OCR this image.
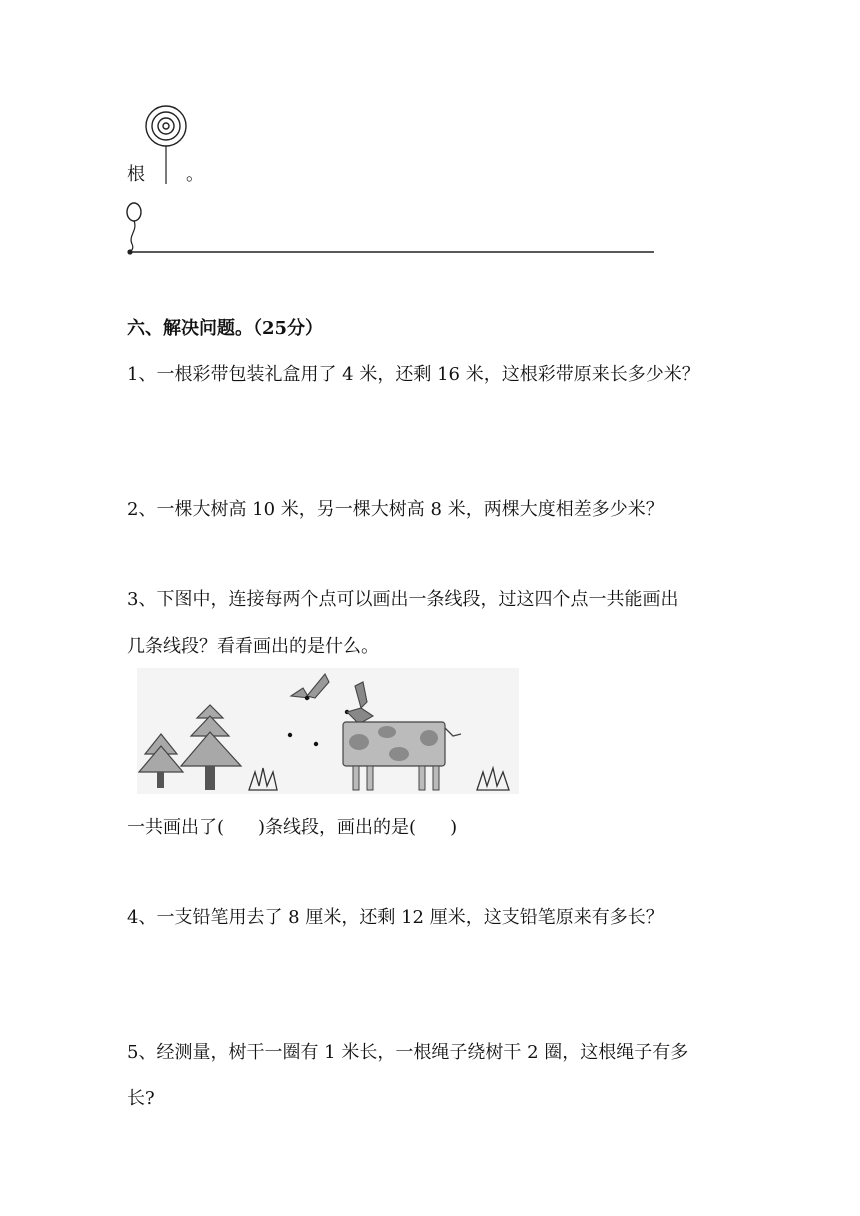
根 。
六、解决问题。（25分）
1、一根彩带包装礼盒用了 4 米，还剩 16 米，这根彩带原来长多少米？
2、一棵大树高 10 米，另一棵大树高 8 米，两棵大度相差多少米？
3、下图中，连接每两个点可以画出一条线段，过这四个点一共能画出
几条线段？看看画出的是什么。
一共画出了( )条线段，画出的是( )
4、一支铅笔用去了 8 厘米，还剩 12 厘米，这支铅笔原来有多长？
5、经测量，树干一圈有 1 米长，一根绳子绕树干 2 圈，这根绳子有多
长?
